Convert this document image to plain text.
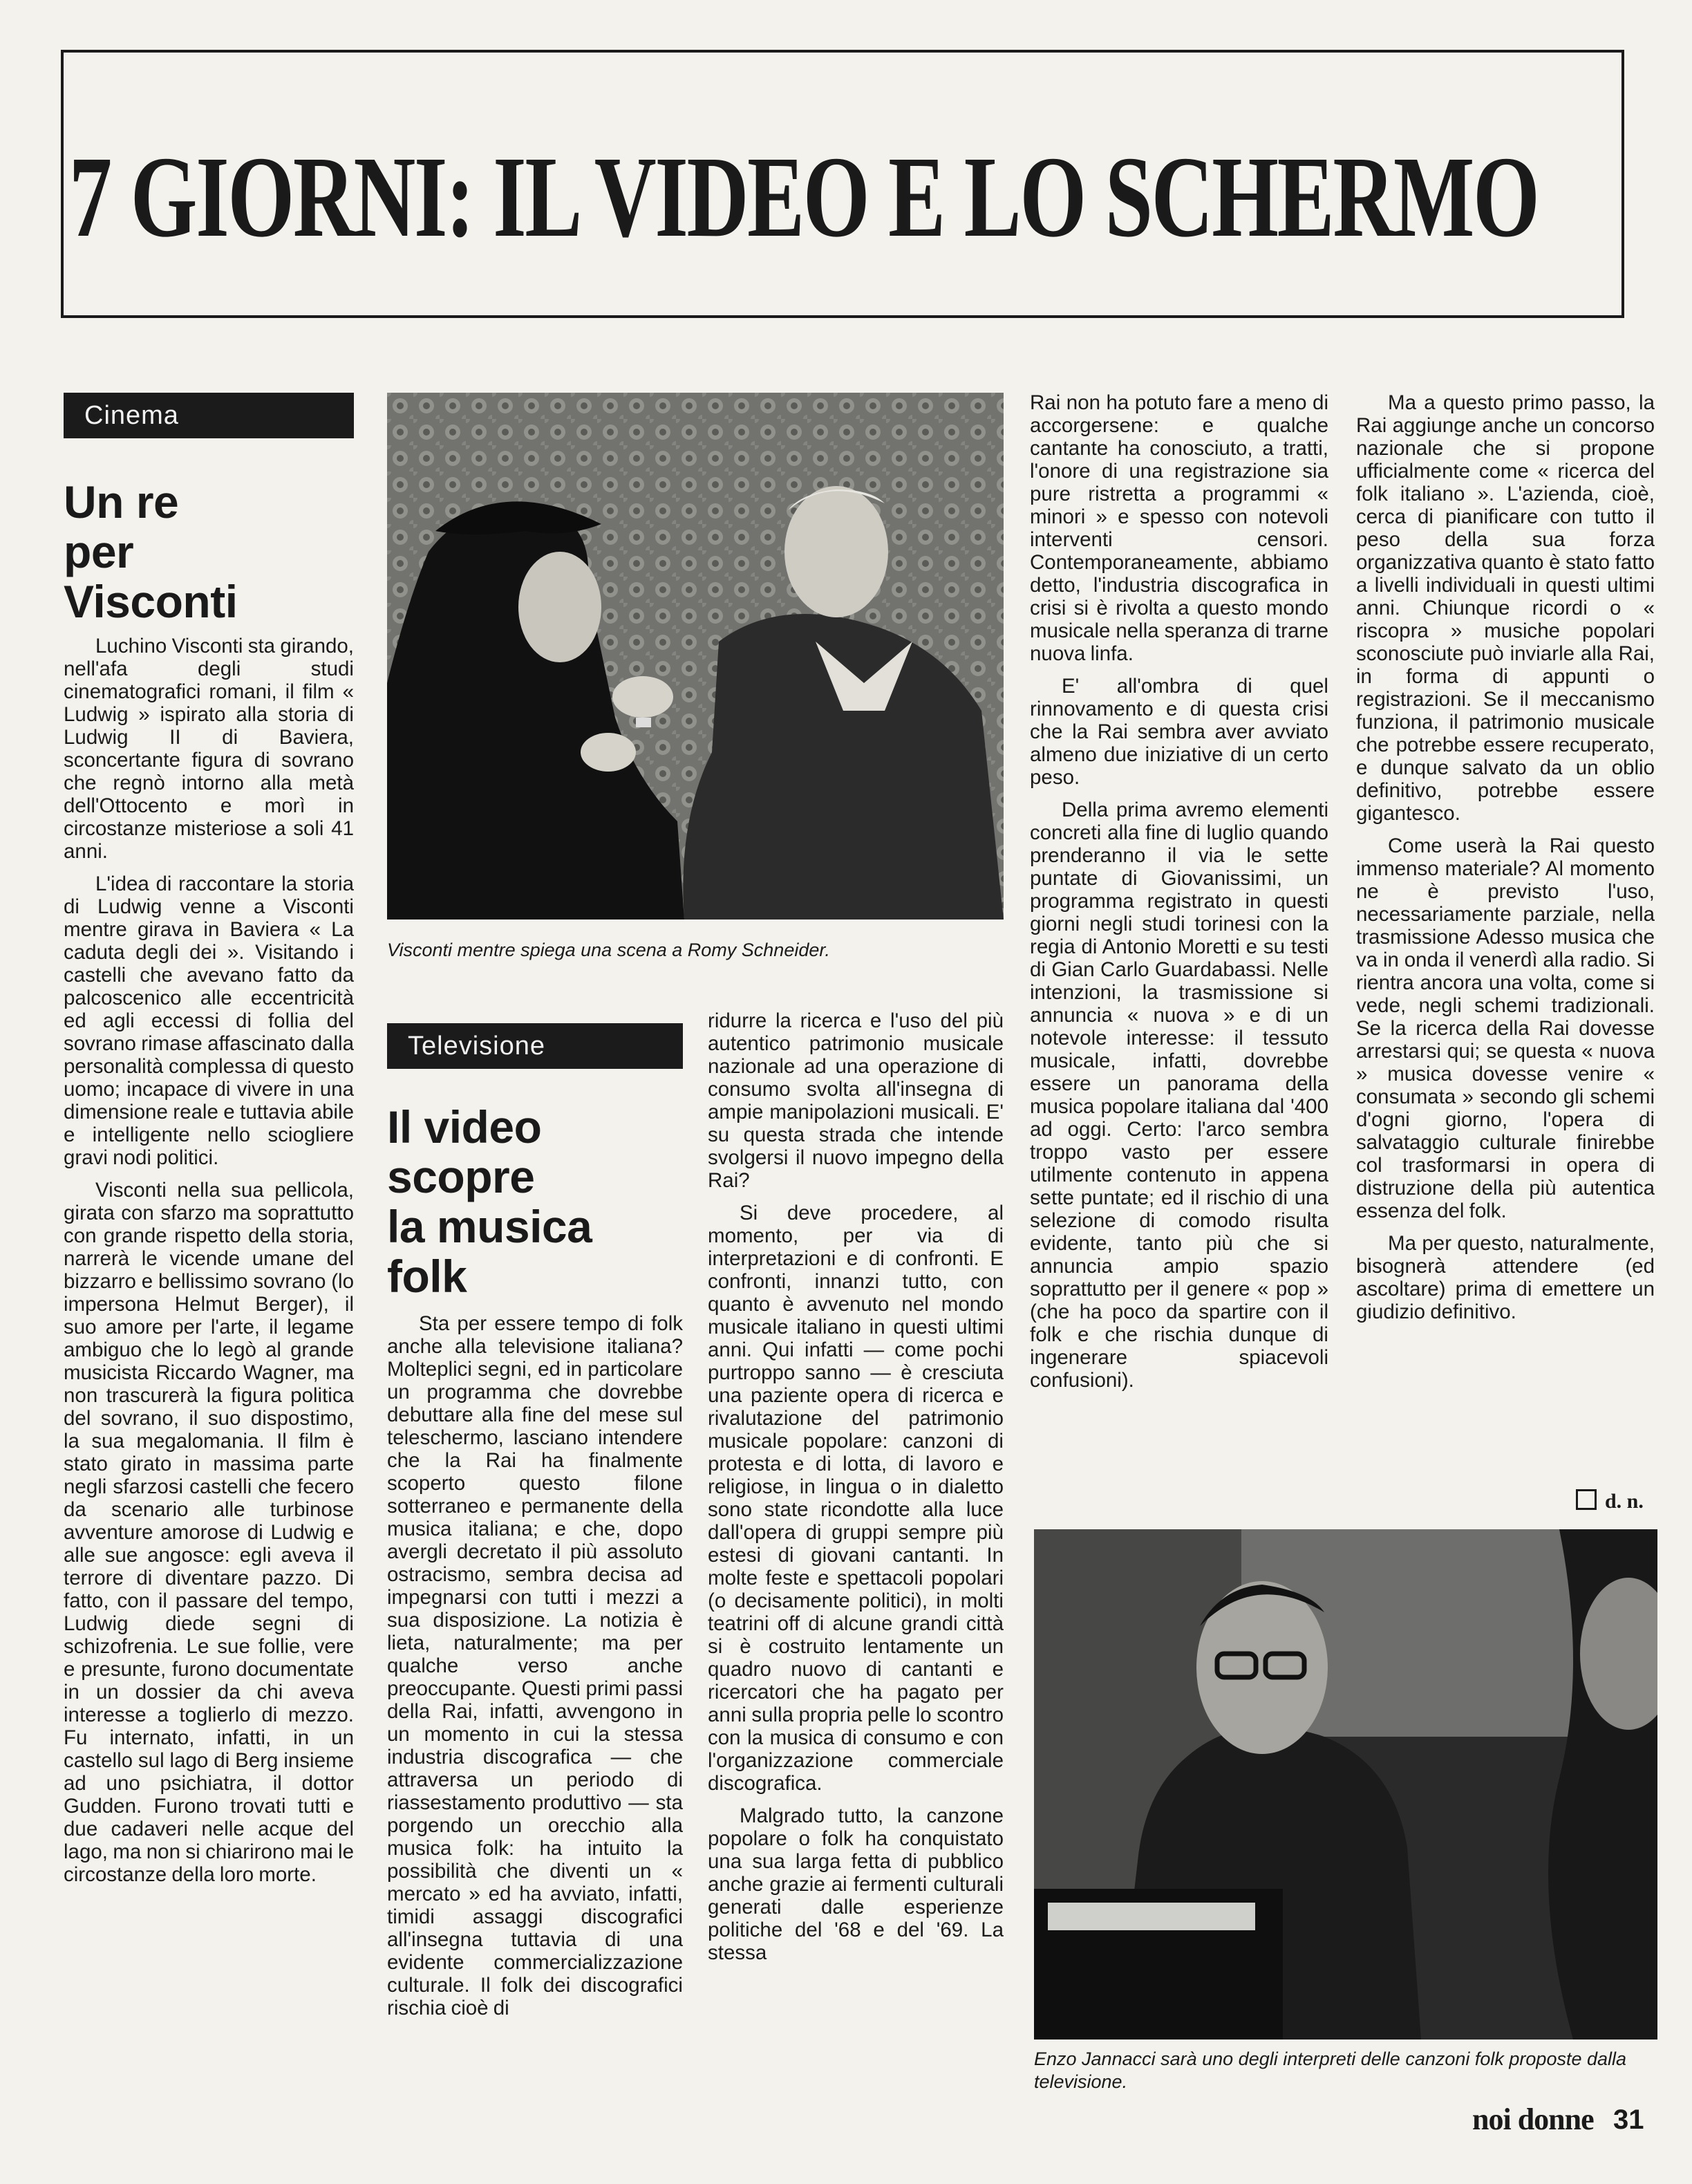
7 GIORNI: IL VIDEO E LO SCHERMO
Cinema
Un re
per
Visconti

Luchino Visconti sta girando, nell'afa degli studi cinematografici romani, il film « Ludwig » ispirato alla storia di Ludwig II di Baviera, sconcertante figura di sovrano che regnò intorno alla metà dell'Ottocento e morì in circostanze misteriose a soli 41 anni.

L'idea di raccontare la storia di Ludwig venne a Visconti mentre girava in Baviera « La caduta degli dei ». Visitando i castelli che avevano fatto da palcoscenico alle eccentricità ed agli eccessi di follia del sovrano rimase affascinato dalla personalità complessa di questo uomo; incapace di vivere in una dimensione reale e tuttavia abile e intelligente nello sciogliere gravi nodi politici.

Visconti nella sua pellicola, girata con sfarzo ma soprattutto con grande rispetto della storia, narrerà le vicende umane del bizzarro e bellissimo sovrano (lo impersona Helmut Berger), il suo amore per l'arte, il legame ambiguo che lo legò al grande musicista Riccardo Wagner, ma non trascurerà la figura politica del sovrano, il suo dispostimo, la sua megalomania. Il film è stato girato in massima parte negli sfarzosi castelli che fecero da scenario alle turbinose avventure amorose di Ludwig e alle sue angosce: egli aveva il terrore di diventare pazzo. Di fatto, con il passare del tempo, Ludwig diede segni di schizofrenia. Le sue follie, vere e presunte, furono documentate in un dossier da chi aveva interesse a toglierlo di mezzo. Fu internato, infatti, in un castello sul lago di Berg insieme ad uno psichiatra, il dottor Gudden. Furono trovati tutti e due cadaveri nelle acque del lago, ma non si chiarirono mai le circostanze della loro morte.

Visconti mentre spiega una scena a Romy Schneider.
Televisione
Il video
scopre
la musica
folk

Sta per essere tempo di folk anche alla televisione italiana? Molteplici segni, ed in particolare un programma che dovrebbe debuttare alla fine del mese sul teleschermo, lasciano intendere che la Rai ha finalmente scoperto questo filone sotterraneo e permanente della musica italiana; e che, dopo avergli decretato il più assoluto ostracismo, sembra decisa ad impegnarsi con tutti i mezzi a sua disposizione. La notizia è lieta, naturalmente; ma per qualche verso anche preoccupante. Questi primi passi della Rai, infatti, avvengono in un momento in cui la stessa industria discografica — che attraversa un periodo di riassestamento produttivo — sta porgendo un orecchio alla musica folk: ha intuito la possibilità che diventi un « mercato » ed ha avviato, infatti, timidi assaggi discografici all'insegna tuttavia di una evidente commercializzazione culturale. Il folk dei discografici rischia cioè di

ridurre la ricerca e l'uso del più autentico patrimonio musicale nazionale ad una operazione di consumo svolta all'insegna di ampie manipolazioni musicali. E' su questa strada che intende svolgersi il nuovo impegno della Rai?

Si deve procedere, al momento, per via di interpretazioni e di confronti. E confronti, innanzi tutto, con quanto è avvenuto nel mondo musicale italiano in questi ultimi anni. Qui infatti — come pochi purtroppo sanno — è cresciuta una paziente opera di ricerca e rivalutazione del patrimonio musicale popolare: canzoni di protesta e di lotta, di lavoro e religiose, in lingua o in dialetto sono state ricondotte alla luce dall'opera di gruppi sempre più estesi di giovani cantanti. In molte feste e spettacoli popolari (o decisamente politici), in molti teatrini off di alcune grandi città si è costruito lentamente un quadro nuovo di cantanti e ricercatori che ha pagato per anni sulla propria pelle lo scontro con la musica di consumo e con l'organizzazione commerciale discografica.

Malgrado tutto, la canzone popolare o folk ha conquistato una sua larga fetta di pubblico anche grazie ai fermenti culturali generati dalle esperienze politiche del '68 e del '69. La stessa

Rai non ha potuto fare a meno di accorgersene: e qualche cantante ha conosciuto, a tratti, l'onore di una registrazione sia pure ristretta a programmi « minori » e spesso con notevoli interventi censori. Contemporaneamente, abbiamo detto, l'industria discografica in crisi si è rivolta a questo mondo musicale nella speranza di trarne nuova linfa.

E' all'ombra di quel rinnovamento e di questa crisi che la Rai sembra aver avviato almeno due iniziative di un certo peso.

Della prima avremo elementi concreti alla fine di luglio quando prenderanno il via le sette puntate di Giovanissimi, un programma registrato in questi giorni negli studi torinesi con la regia di Antonio Moretti e su testi di Gian Carlo Guardabassi. Nelle intenzioni, la trasmissione si annuncia « nuova » e di un notevole interesse: il tessuto musicale, infatti, dovrebbe essere un panorama della musica popolare italiana dal '400 ad oggi. Certo: l'arco sembra troppo vasto per essere utilmente contenuto in appena sette puntate; ed il rischio di una selezione di comodo risulta evidente, tanto più che si annuncia ampio spazio soprattutto per il genere « pop » (che ha poco da spartire con il folk e che rischia dunque di ingenerare spiacevoli confusioni).

Ma a questo primo passo, la Rai aggiunge anche un concorso nazionale che si propone ufficialmente come « ricerca del folk italiano ». L'azienda, cioè, cerca di pianificare con tutto il peso della sua forza organizzativa quanto è stato fatto a livelli individuali in questi ultimi anni. Chiunque ricordi o « riscopra » musiche popolari sconosciute può inviarle alla Rai, in forma di appunti o registrazioni. Se il meccanismo funziona, il patrimonio musicale che potrebbe essere recuperato, e dunque salvato da un oblio definitivo, potrebbe essere gigantesco.

Come userà la Rai questo immenso materiale? Al momento ne è previsto l'uso, necessariamente parziale, nella trasmissione Adesso musica che va in onda il venerdì alla radio. Si rientra ancora una volta, come si vede, negli schemi tradizionali. Se la ricerca della Rai dovesse arrestarsi qui; se questa « nuova » musica dovesse venire « consumata » secondo gli schemi d'ogni giorno, l'opera di salvataggio culturale finirebbe col trasformarsi in opera di distruzione della più autentica essenza del folk.

Ma per questo, naturalmente, bisognerà attendere (ed ascoltare) prima di emettere un giudizio definitivo.

d. n.
Enzo Jannacci sarà uno degli interpreti delle canzoni folk proposte dalla televisione.
noi donne 31
